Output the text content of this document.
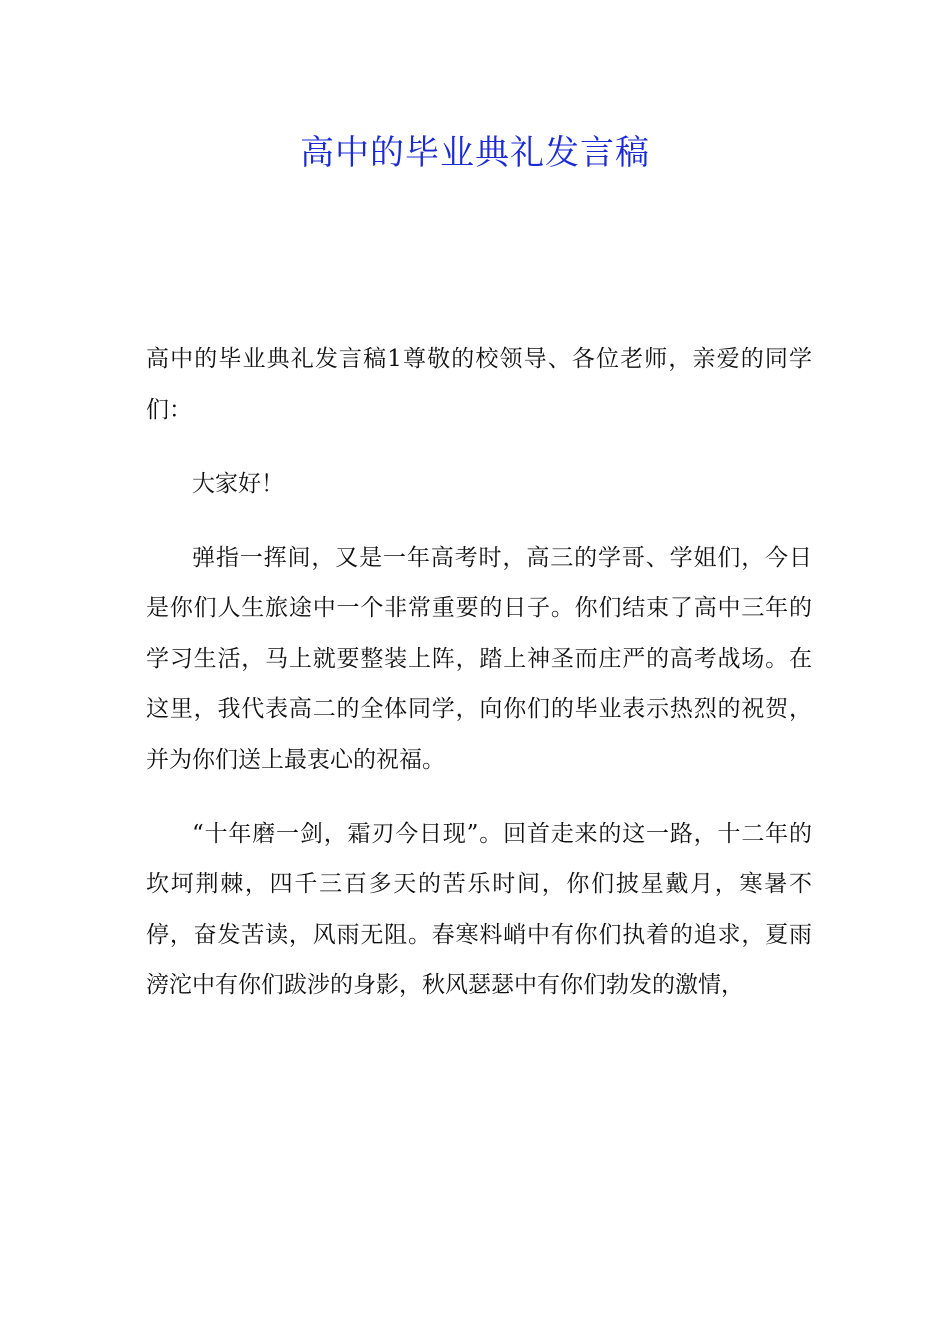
高中的毕业典礼发言稿

高中的毕业典礼发言稿1尊敬的校领导、各位老师，亲爱的同学们：

大家好！

弹指一挥间，又是一年高考时，高三的学哥、学姐们，今日是你们人生旅途中一个非常重要的日子。你们结束了高中三年的学习生活，马上就要整装上阵，踏上神圣而庄严的高考战场。在这里，我代表高二的全体同学，向你们的毕业表示热烈的祝贺，并为你们送上最衷心的祝福。

“十年磨一剑，霜刃今日现”。回首走来的这一路，十二年的坎坷荆棘，四千三百多天的苦乐时间，你们披星戴月，寒暑不停，奋发苦读，风雨无阻。春寒料峭中有你们执着的追求，夏雨滂沱中有你们跋涉的身影，秋风瑟瑟中有你们勃发的激情，
